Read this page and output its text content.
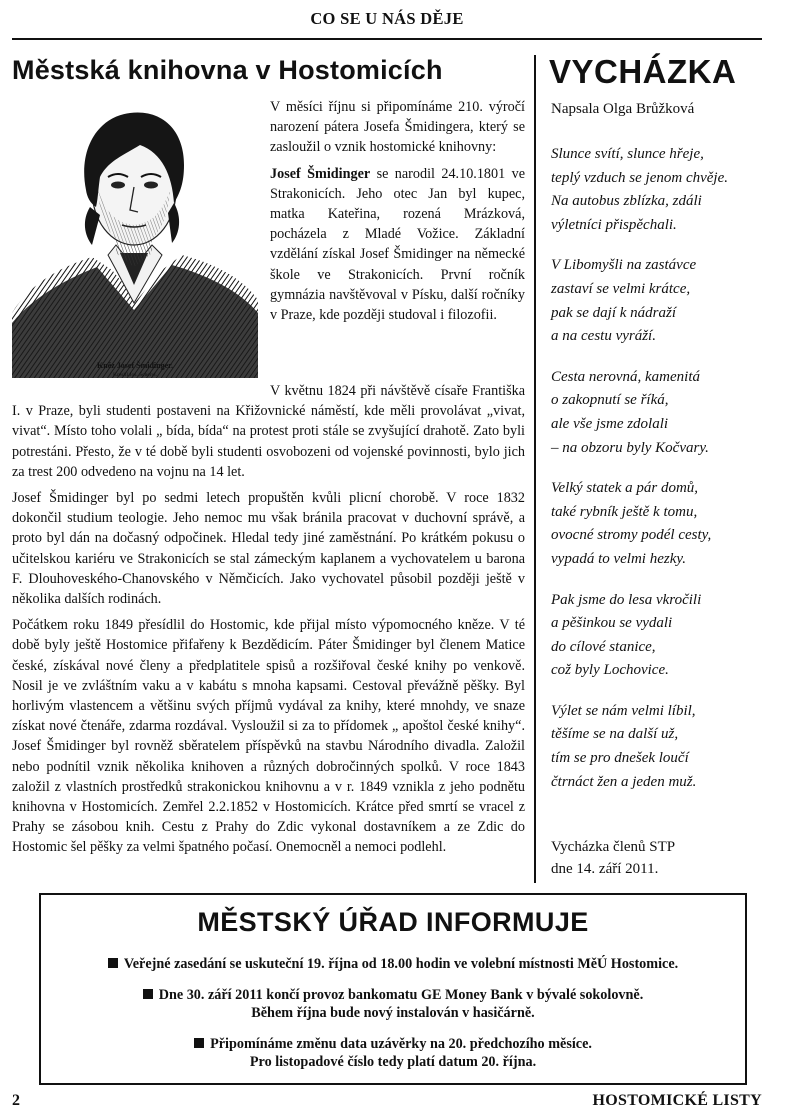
CO SE U NÁS DĚJE
Městská knihovna v Hostomicích
Kněz Josef Šmidinger.
Kreslil Jos. Scheivl.

V měsíci říjnu si připomínáme 210. výročí narození pátera Josefa Šmidingera, který se zasloužil o vznik hostomické knihovny:

Josef Šmidinger se narodil 24.10.1801 ve Strakonicích. Jeho otec Jan byl kupec, matka Kateřina, rozená Mrázková, pocházela z Mladé Vožice. Základní vzdělání získal Josef Šmidinger na německé škole ve Strakonicích. První ročník gymnázia navštěvoval v Písku, další ročníky v Praze, kde později studoval i filozofii.

V květnu 1824 při návštěvě císaře Františka I. v Praze, byli studenti postaveni na Křižovnické náměstí, kde měli provolávat „vivat, vivat“. Místo toho volali „ bída, bída“ na protest proti stále se zvyšující drahotě. Zato byli potrestáni. Přesto, že v té době byli studenti osvobozeni od vojenské povinnosti, bylo jich za trest 200 odvedeno na vojnu na 14 let.

Josef Šmidinger byl po sedmi letech propuštěn kvůli plicní chorobě. V roce 1832 dokončil studium teologie. Jeho nemoc mu však bránila pracovat v duchovní správě, a proto byl dán na dočasný odpočinek. Hledal tedy jiné zaměstnání. Po krátkém pokusu o učitelskou kariéru ve Strakonicích se stal zámeckým kaplanem a vychovatelem u barona F. Dlouhoveského-Chanovského v Němčicích. Jako vychovatel působil později ještě v několika dalších rodinách.

Počátkem roku 1849 přesídlil do Hostomic, kde přijal místo výpomocného kněze. V té době byly ještě Hostomice přifařeny k Bezdědicím. Páter Šmidinger byl členem Matice české, získával nové členy a předplatitele spisů a rozšiřoval české knihy po venkově. Nosil je ve zvláštním vaku a v kabátu s mnoha kapsami. Cestoval převážně pěšky. Byl horlivým vlastencem a většinu svých příjmů vydával za knihy, které mnohdy, ve snaze získat nové čtenáře, zdarma rozdával. Vysloužil si za to přídomek „ apoštol české knihy“. Josef Šmidinger byl rovněž sběratelem příspěvků na stavbu Národního divadla. Založil nebo podnítil vznik několika knihoven a různých dobročinných spolků. V roce 1843 založil z vlastních prostředků strakonickou knihovnu a v r. 1849 vznikla z jeho podnětu knihovna v Hostomicích. Zemřel 2.2.1852 v Hostomicích. Krátce před smrtí se vracel z Prahy se zásobou knih. Cestu z Prahy do Zdic vykonal dostavníkem a ze Zdic do Hostomic šel pěšky za velmi špatného počasí. Onemocněl a nemoci podlehl.

VYCHÁZKA
Napsala Olga Brůžková
Slunce svítí, slunce hřeje,
teplý vzduch se jenom chvěje.
Na autobus zblízka, zdáli
výletníci přispěchali.
V Libomyšli na zastávce
zastaví se velmi krátce,
pak se dají k nádraží
a na cestu vyráží.
Cesta nerovná, kamenitá
o zakopnutí se říká,
ale vše jsme zdolali
– na obzoru byly Kočvary.
Velký statek a pár domů,
také rybník ještě k tomu,
ovocné stromy podél cesty,
vypadá to velmi hezky.
Pak jsme do lesa vkročili
a pěšinkou se vydali
do cílové stanice,
což byly Lochovice.
Výlet se nám velmi líbil,
těšíme se na další už,
tím se pro dnešek loučí
čtrnáct žen a jeden muž.
Vycházka členů STP
dne 14. září 2011.
MĚSTSKÝ ÚŘAD INFORMUJE
Veřejné zasedání se uskuteční 19. října od 18.00 hodin ve volební místnosti MěÚ Hostomice.
Dne 30. září 2011 končí provoz bankomatu GE Money Bank v bývalé sokolovně.
Během října bude nový instalován v hasičárně.
Připomínáme změnu data uzávěrky na 20. předchozího měsíce.
Pro listopadové číslo tedy platí datum 20. října.
2	HOSTOMICKÉ LISTY
